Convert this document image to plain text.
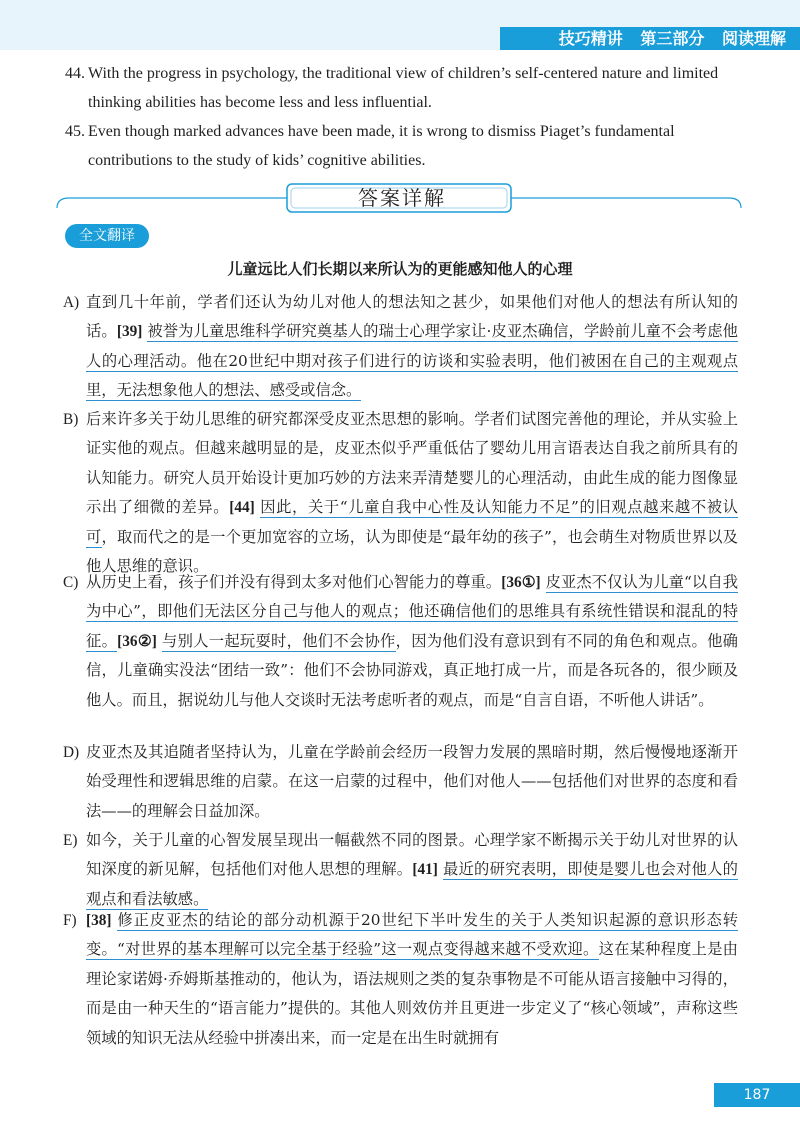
技巧精讲 第三部分 阅读理解
44. With the progress in psychology, the traditional view of children’s self-centered nature and limited thinking abilities has become less and less influential.
45. Even though marked advances have been made, it is wrong to dismiss Piaget’s fundamental contributions to the study of kids’ cognitive abilities.
答案详解
全文翻译
儿童远比人们长期以来所认为的更能感知他人的心理
A) 直到几十年前，学者们还认为幼儿对他人的想法知之甚少，如果他们对他人的想法有所认知的话。[39] 被誉为儿童思维科学研究奠基人的瑞士心理学家让·皮亚杰确信，学龄前儿童不会考虑他人的心理活动。他在20世纪中期对孩子们进行的访谈和实验表明，他们被困在自己的主观观点里，无法想象他人的想法、感受或信念。
B) 后来许多关于幼儿思维的研究都深受皮亚杰思想的影响。学者们试图完善他的理论，并从实验上证实他的观点。但越来越明显的是，皮亚杰似乎严重低估了婴幼儿用言语表达自我之前所具有的认知能力。研究人员开始设计更加巧妙的方法来弄清楚婴儿的心理活动，由此生成的能力图像显示出了细微的差异。[44] 因此，关于“儿童自我中心性及认知能力不足”的旧观点越来越不被认可，取而代之的是一个更加宽容的立场，认为即使是“最年幼的孩子”，也会萌生对物质世界以及他人思维的意识。
C) 从历史上看，孩子们并没有得到太多对他们心智能力的尊重。[36①] 皮亚杰不仅认为儿童“以自我为中心”，即他们无法区分自己与他人的观点；他还确信他们的思维具有系统性错误和混乱的特征。[36②] 与别人一起玩耍时，他们不会协作，因为他们没有意识到有不同的角色和观点。他确信，儿童确实没法“团结一致”：他们不会协同游戏，真正地打成一片，而是各玩各的，很少顾及他人。而且，据说幼儿与他人交谈时无法考虑听者的观点，而是“自言自语，不听他人讲话”。
D) 皮亚杰及其追随者坚持认为，儿童在学龄前会经历一段智力发展的黑暗时期，然后慢慢地逐渐开始受理性和逻辑思维的启蒙。在这一启蒙的过程中，他们对他人——包括他们对世界的态度和看法——的理解会日益加深。
E) 如今，关于儿童的心智发展呈现出一幅截然不同的图景。心理学家不断揭示关于幼儿对世界的认知深度的新见解，包括他们对他人思想的理解。[41] 最近的研究表明，即使是婴儿也会对他人的观点和看法敏感。
F) [38] 修正皮亚杰的结论的部分动机源于20世纪下半叶发生的关于人类知识起源的意识形态转变。“对世界的基本理解可以完全基于经验”这一观点变得越来越不受欢迎。这在某种程度上是由理论家诺姆·乔姆斯基推动的，他认为，语法规则之类的复杂事物是不可能从语言接触中习得的，而是由一种天生的“语言能力”提供的。其他人则效仿并且更进一步定义了“核心领域”，声称这些领域的知识无法从经验中拼凑出来，而一定是在出生时就拥有
187
